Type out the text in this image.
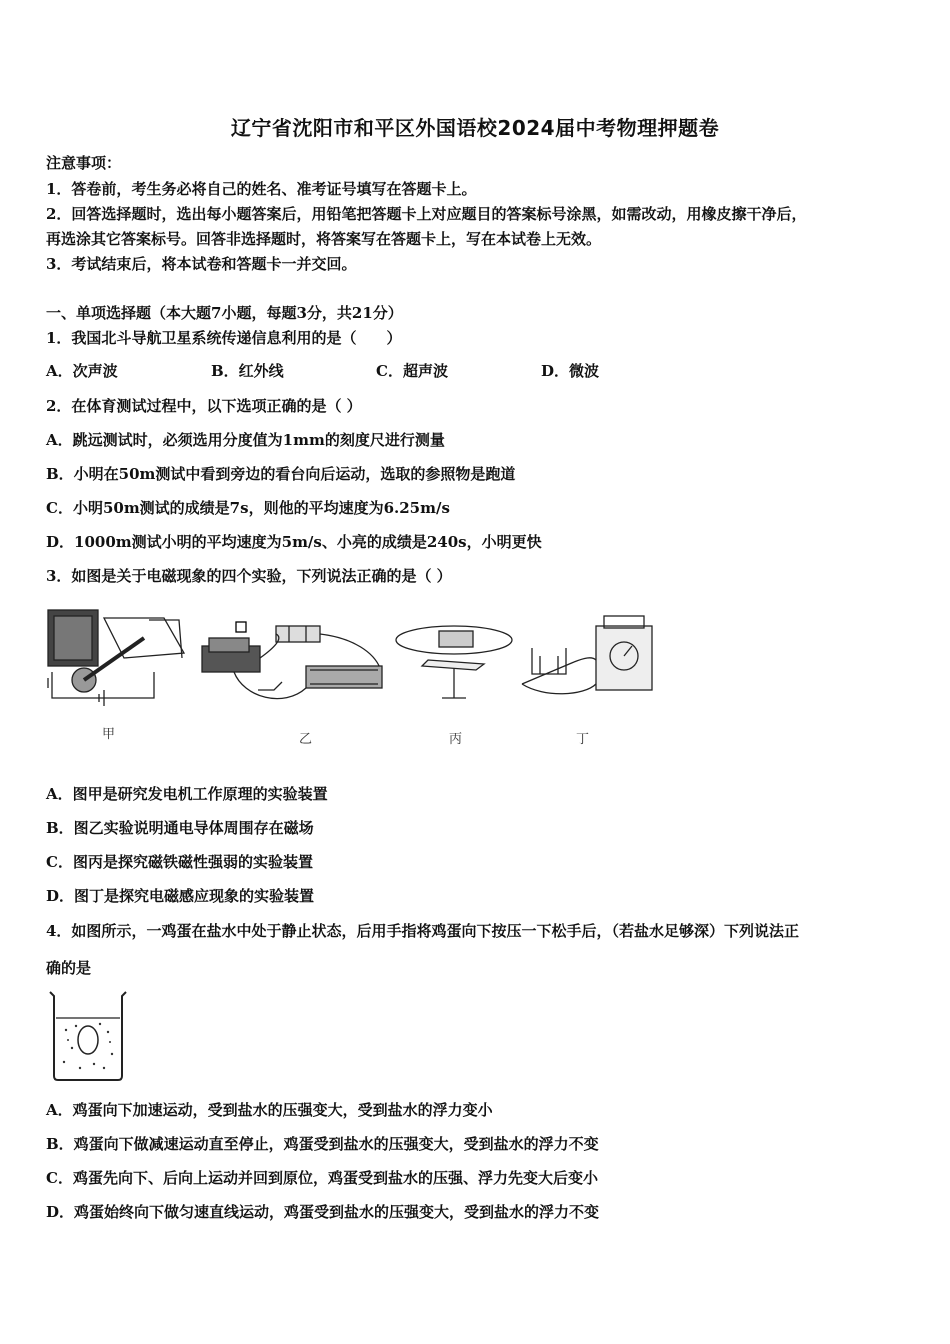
辽宁省沈阳市和平区外国语校2024届中考物理押题卷
注意事项：
1．答卷前，考生务必将自己的姓名、准考证号填写在答题卡上。
2．回答选择题时，选出每小题答案后，用铅笔把答题卡上对应题目的答案标号涂黑，如需改动，用橡皮擦干净后，
再选涂其它答案标号。回答非选择题时，将答案写在答题卡上，写在本试卷上无效。
3．考试结束后，将本试卷和答题卡一并交回。
一、单项选择题（本大题7小题，每题3分，共21分）
1．我国北斗导航卫星系统传递信息利用的是（　　）
A．次声波	B．红外线	C．超声波	D．微波
2．在体育测试过程中，以下选项正确的是（ ）
A．跳远测试时，必须选用分度值为1mm的刻度尺进行测量
B．小明在50m测试中看到旁边的看台向后运动，选取的参照物是跑道
C．小明50m测试的成绩是7s，则他的平均速度为6.25m/s
D．1000m测试小明的平均速度为5m/s、小亮的成绩是240s，小明更快
3．如图是关于电磁现象的四个实验，下列说法正确的是（ ）
甲	乙	丙	丁
A．图甲是研究发电机工作原理的实验装置
B．图乙实验说明通电导体周围存在磁场
C．图丙是探究磁铁磁性强弱的实验装置
D．图丁是探究电磁感应现象的实验装置
4．如图所示，一鸡蛋在盐水中处于静止状态，后用手指将鸡蛋向下按压一下松手后，（若盐水足够深）下列说法正
确的是
A．鸡蛋向下加速运动，受到盐水的压强变大，受到盐水的浮力变小
B．鸡蛋向下做减速运动直至停止，鸡蛋受到盐水的压强变大，受到盐水的浮力不变
C．鸡蛋先向下、后向上运动并回到原位，鸡蛋受到盐水的压强、浮力先变大后变小
D．鸡蛋始终向下做匀速直线运动，鸡蛋受到盐水的压强变大，受到盐水的浮力不变
